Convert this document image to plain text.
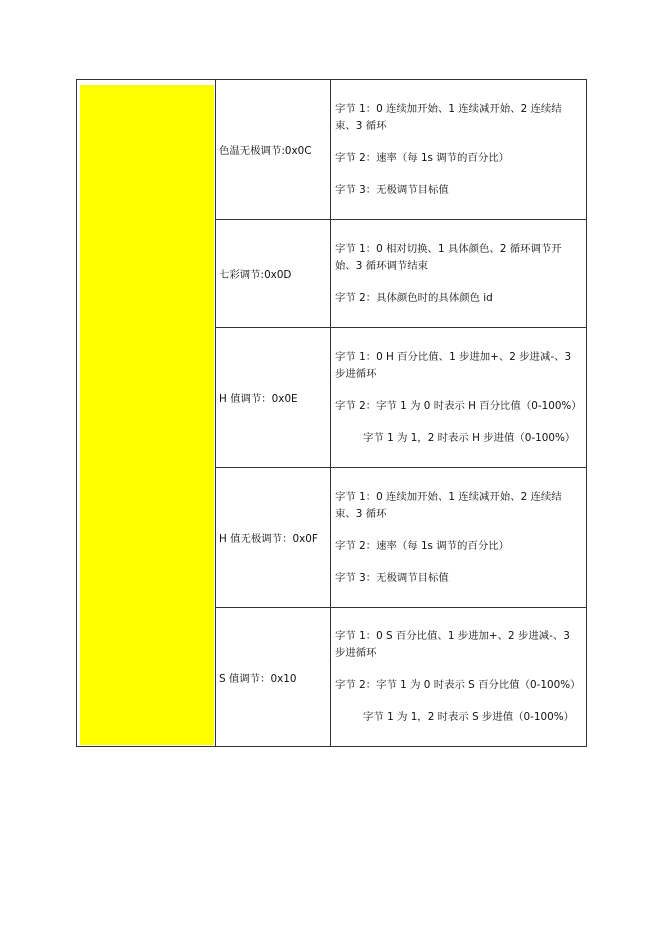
	色温无极调节:0x0C	字节 1：0 连续加开始、1 连续减开始、2 连续结束、3 循环

字节 2：速率（每 1s 调节的百分比）

字节 3：无极调节目标值

	七彩调节:0x0D	字节 1：0 相对切换、1 具体颜色、2 循环调节开始、3 循环调节结束

字节 2：具体颜色时的具体颜色 id

	H 值调节：0x0E	字节 1：0 H 百分比值、1 步进加+、2 步进减-、3 步进循环

字节 2：字节 1 为 0 时表示 H 百分比值（0-100%）

字节 1 为 1，2 时表示 H 步进值（0-100%）

	H 值无极调节：0x0F	字节 1：0 连续加开始、1 连续减开始、2 连续结束、3 循环

字节 2：速率（每 1s 调节的百分比）

字节 3：无极调节目标值

	S 值调节：0x10	字节 1：0 S 百分比值、1 步进加+、2 步进减-、3 步进循环

字节 2：字节 1 为 0 时表示 S 百分比值（0-100%）

字节 1 为 1，2 时表示 S 步进值（0-100%）
